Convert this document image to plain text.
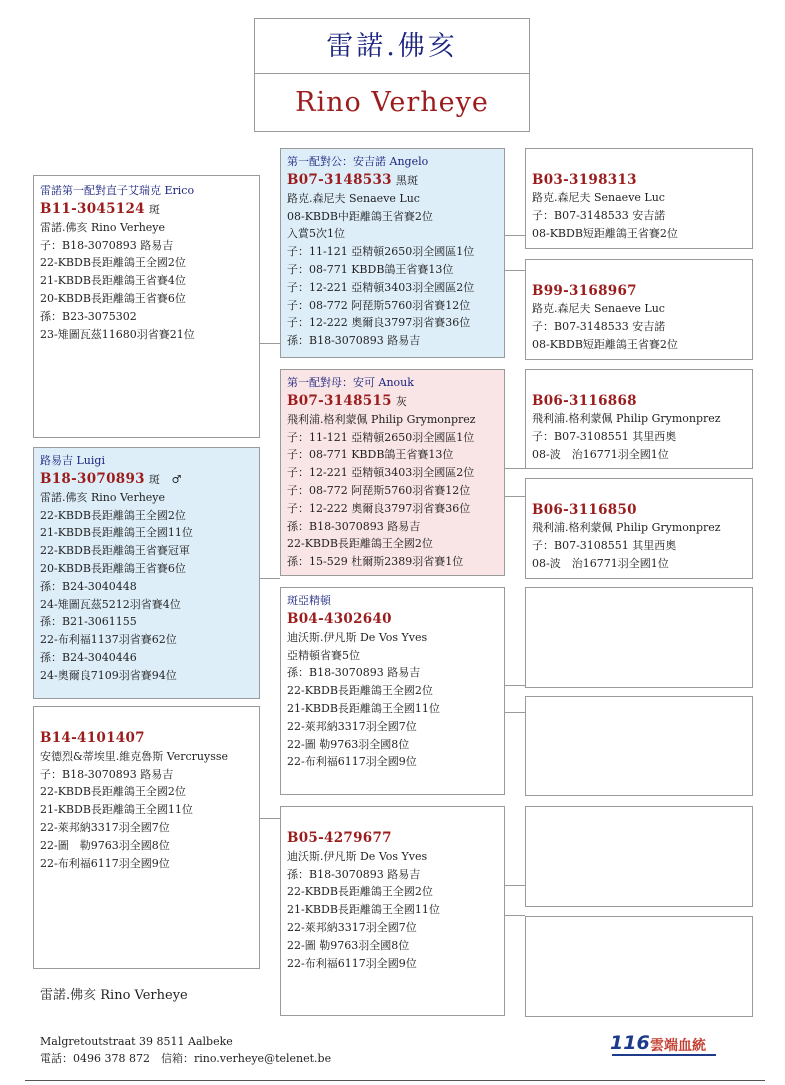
雷諾.佛亥
Rino Verheye
雷諾第一配對直子艾瑞克 Erico
B11-3045124 斑
雷諾.佛亥 Rino Verheye
子：B18-3070893 路易吉
22-KBDB長距離鴿王全國2位
21-KBDB長距離鴿王省賽4位
20-KBDB長距離鴿王省賽6位
孫：B23-3075302
23-雉圖瓦茲11680羽省賽21位
路易吉 Luigi
B18-3070893 斑　♂
雷諾.佛亥 Rino Verheye
22-KBDB長距離鴿王全國2位
21-KBDB長距離鴿王全國11位
22-KBDB長距離鴿王省賽冠軍
20-KBDB長距離鴿王省賽6位
孫：B24-3040448
24-雉圖瓦茲5212羽省賽4位
孫：B21-3061155
22-布利福1137羽省賽62位
孫：B24-3040446
24-奧爾良7109羽省賽94位
B14-4101407
安德烈&蒂埃里.維克魯斯 Vercruysse
子：B18-3070893 路易吉
22-KBDB長距離鴿王全國2位
21-KBDB長距離鴿王全國11位
22-萊邦納3317羽全國7位
22-圖　勒9763羽全國8位
22-布利福6117羽全國9位
第一配對公：安吉諾 Angelo
B07-3148533 黑斑
路克.森尼夫 Senaeve Luc
08-KBDB中距離鴿王省賽2位
入賞5次1位
子：11-121 亞精頓2650羽全國區1位
子：08-771 KBDB鴿王省賽13位
子：12-221 亞精頓3403羽全國區2位
子：08-772 阿琵斯5760羽省賽12位
子：12-222 奧爾良3797羽省賽36位
孫：B18-3070893 路易吉
第一配對母：安可 Anouk
B07-3148515 灰
飛利浦.格利蒙佩 Philip Grymonprez
子：11-121 亞精頓2650羽全國區1位
子：08-771 KBDB鴿王省賽13位
子：12-221 亞精頓3403羽全國區2位
子：08-772 阿琵斯5760羽省賽12位
子：12-222 奧爾良3797羽省賽36位
孫：B18-3070893 路易吉
22-KBDB長距離鴿王全國2位
孫：15-529 杜爾斯2389羽省賽1位
斑亞精頓
B04-4302640
迪沃斯.伊凡斯 De Vos Yves
亞精頓省賽5位
孫：B18-3070893 路易吉
22-KBDB長距離鴿王全國2位
21-KBDB長距離鴿王全國11位
22-萊邦納3317羽全國7位
22-圖 勒9763羽全國8位
22-布利福6117羽全國9位
B05-4279677
迪沃斯.伊凡斯 De Vos Yves
孫：B18-3070893 路易吉
22-KBDB長距離鴿王全國2位
21-KBDB長距離鴿王全國11位
22-萊邦納3317羽全國7位
22-圖 勒9763羽全國8位
22-布利福6117羽全國9位
B03-3198313
路克.森尼夫 Senaeve Luc
子：B07-3148533 安吉諾
08-KBDB短距離鴿王省賽2位
B99-3168967
路克.森尼夫 Senaeve Luc
子：B07-3148533 安吉諾
08-KBDB短距離鴿王省賽2位
B06-3116868
飛利浦.格利蒙佩 Philip Grymonprez
子：B07-3108551 其里西奧
08-波　治16771羽全國1位
B06-3116850
飛利浦.格利蒙佩 Philip Grymonprez
子：B07-3108551 其里西奧
08-波　治16771羽全國1位
雷諾.佛亥 Rino Verheye
Malgretoutstraat 39 8511 Aalbeke
電話：0496 378 872　信箱：rino.verheye@telenet.be
116 雲端血統
